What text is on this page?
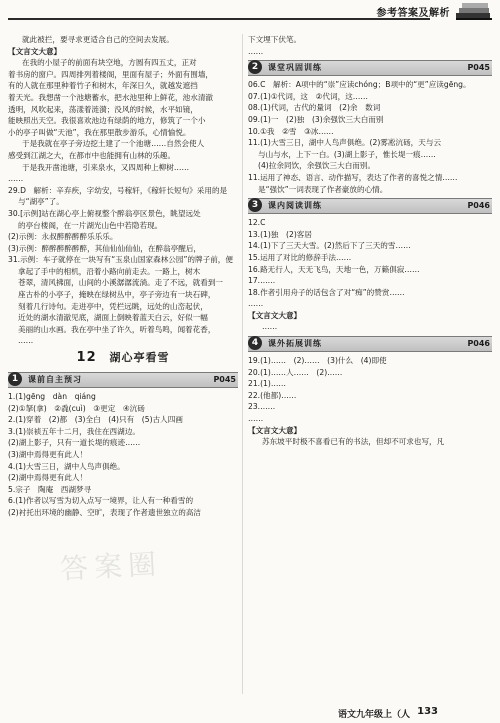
参考答案及解析
就此被拦，要寻求更适合自己的空间去发展。
【文言文大意】
在我的小屋子的前面有块空地，方圆有四五丈，正对
着书房的窗户。四周排列着楼阁，里面有屋子；外面有围墙，
有的人就在那里种着竹子和树木，年深日久，就越发遮挡
着天光。我想凿一个池塘蓄水，把水池里种上鲜花，池水清澈
透明，风吹起来，荡漾着涟漪；没风的时候，水平如镜，
能映照出天空。我很喜欢池边有绿荫的地方，修筑了一个小
小的亭子叫做“天池”，我在那里散步游乐，心情愉悦。
于是我就在亭子旁边挖土建了一个池塘……自然会使人
感受到江湖之大，在都市中也能拥有山林的乐趣。
于是我开凿池塘，引来泉水，又四周种上柳树……
……
29.D　解析：辛弃疾，字幼安，号稼轩，《稼轩长短句》采用的是
与“湖亭”了。
30.[示例]站在湖心亭上俯视整个醉翁亭区景色，眺望远处
的亭台楼阁，在一片湖光山色中若隐若现。
(2)示例：永叔醉醉醉醉乐乐乐。
(3)示例：醉醉醉醉醉醉，其仙仙仙仙仙，在醉翁亭醒后，
31.示例：车子就停在一块写有“玉泉山国家森林公园”的牌子前，便
拿起了手中的相机，沿着小路向前走去。一路上，树木
苍翠，清风拂面，山间的小溪潺潺流淌。走了不远，就看到一
座古朴的小亭子，掩映在绿树丛中，亭子旁边有一块石碑，
刻着几行诗句。走进亭中，凭栏远眺，远处的山峦起伏，
近处的湖水清澈见底，湖面上倒映着蓝天白云，好似一幅
美丽的山水画。我在亭中坐了许久，听着鸟鸣，闻着花香，
……
12 湖心亭看雪
1	课前自主预习	P045
1.(1)gēng　dàn　qiáng
(2)①拏(拿)　②毳(cuì)　③更定　④沆砀
2.(1)穿着　(2)都　(3)全白　(4)只有　(5)古人四画
3.(1)崇祯五年十二月，我住在西湖边。
(2)湖上影子，只有一道长堤的痕迹……
(3)湖中焉得更有此人！
4.(1)大雪三日，湖中人鸟声俱绝。
(2)湖中焉得更有此人！
5.宗子　陶庵　西湖梦寻
6.(1)作者以写雪为切入点写一境界，让人有一种看雪的
(2)衬托出环境的幽静、空旷，表现了作者遗世独立的高洁
下文埋下伏笔。
……
2	课堂巩固训练	P045
06.C　解析：A项中的“崇”应读chóng；B项中的“更”应读gēng。
07.(1)①代词，这　②代词，这……
08.(1)代词，古代的量词　(2)余　数词
09.(1)一　(2)独　(3)余强饮三大白而别
10.①我　②雪　③冰……
11.(1)大雪三日，湖中人鸟声俱绝。(2)雾凇沆砀，天与云
与山与水，上下一白。(3)湖上影子，惟长堤一痕……
(4)拉余同饮，余强饮三大白而别。
11.运用了神态、语言、动作描写，表达了作者的喜悦之情……
是“强饮”一词表现了作者豪放的心情。
3	课内阅读训练	P046
12.C
13.(1)独　(2)客居
14.(1)下了三天大雪。(2)然后下了三天的雪……
15.运用了对比的修辞手法……
16.路无行人，天无飞鸟，天地一色，万籁俱寂……
17.……
18.作者引用舟子的话包含了对“痴”的赞赏……
……
【文言文大意】
……
4	课外拓展训练	P046
19.(1)……　(2)……　(3)什么　(4)即使
20.(1)……人……　(2)……
21.(1)……
22.(他都)……
23.……
……
【文言文大意】
苏东坡平时极不喜看已有的书法，但却不可求也写，凡
答案圈
语文九年级上（人 133
